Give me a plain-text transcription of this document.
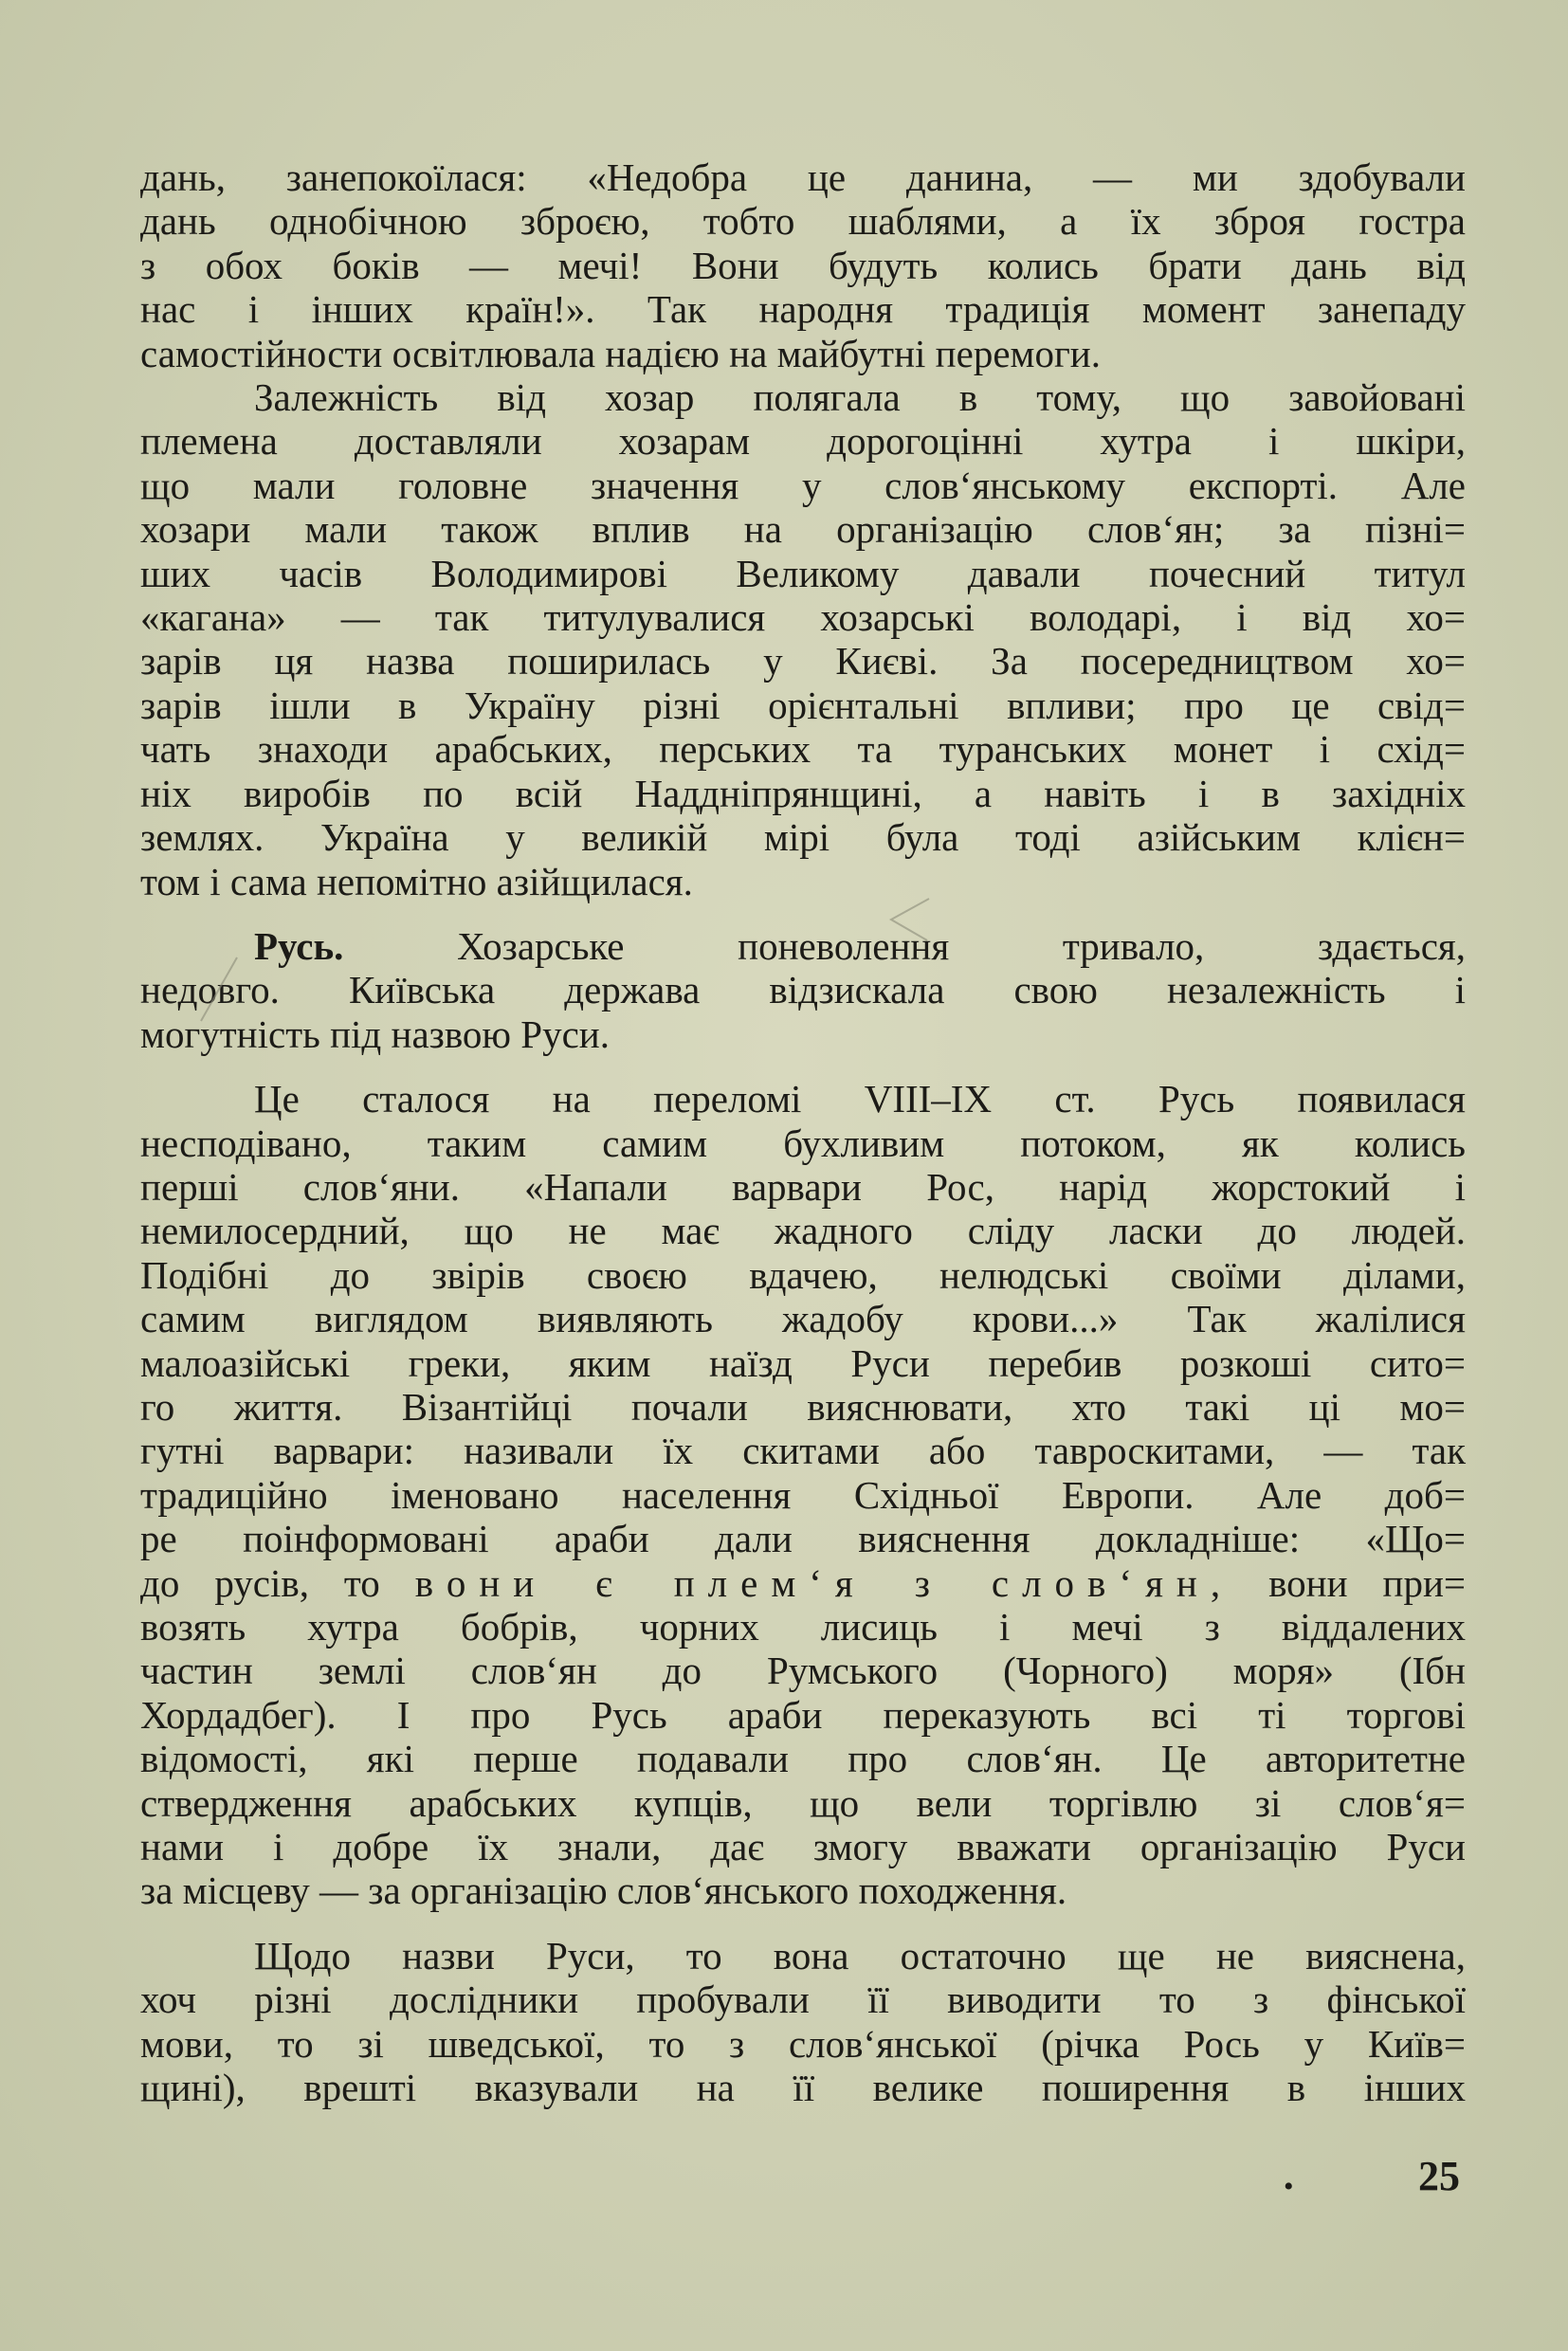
дань, занепокоїлася: «Недобра це данина, — ми здобували
дань однобічною зброєю, тобто шаблями, а їх зброя гостра
з обох боків — мечі! Вони будуть колись брати дань від
нас і інших країн!». Так народня традиція момент занепаду
самостійности освітлювала надією на майбутні перемоги.
Залежність від хозар полягала в тому, що завойовані
племена доставляли хозарам дорогоцінні хутра і шкіри,
що мали головне значення у слов‘янському експорті. Але
хозари мали також вплив на організацію слов‘ян; за пізні=
ших часів Володимирові Великому давали почесний титул
«кагана» — так титулувалися хозарські володарі, і від хо=
зарів ця назва поширилась у Києві. За посередництвом хо=
зарів ішли в Україну різні орієнтальні впливи; про це свід=
чать знаходи арабських, перських та туранських монет і схід=
ніх виробів по всій Наддніпрянщині, а навіть і в західніх
землях. Україна у великій мірі була тоді азійським клієн=
том і сама непомітно азійщилася.
Русь.	Хозарське поневолення тривало, здається,
недовго. Київська держава відзискала свою незалежність і
могутність під назвою Руси.
Це сталося на переломі VIII–IX ст. Русь появилася
несподівано, таким самим бухливим потоком, як колись
перші слов‘яни. «Напали варвари Рос, нарід жорстокий і
немилосердний, що не має жадного сліду ласки до людей.
Подібні до звірів своєю вдачею, нелюдські своїми ділами,
самим виглядом виявляють жадобу крови...» Так жалілися
малоазійські греки, яким наїзд Руси перебив розкоші сито=
го життя. Візантійці почали вияснювати, хто такі ці мо=
гутні варвари: називали їх скитами або тавроскитами, — так
традиційно іменовано населення Східньої Европи. Але доб=
ре поінформовані араби дали вияснення докладніше: «Що=
до русів, то вони є плем‘я з слов‘ян, вони при=
возять хутра бобрів, чорних лисиць і мечі з віддалених
частин землі слов‘ян до Румського (Чорного) моря» (Ібн
Хордадбег). І про Русь араби переказують всі ті торгові
відомості, які перше подавали про слов‘ян. Це авторитетне
ствердження арабських купців, що вели торгівлю зі слов‘я=
нами і добре їх знали, дає змогу вважати організацію Руси
за місцеву — за організацію слов‘янського походження.
Щодо назви Руси, то вона остаточно ще не вияснена,
хоч різні дослідники пробували її виводити то з фінської
мови, то зі шведської, то з слов‘янської (річка Рось у Київ=
щині), врешті вказували на її велике поширення в інших
•	25
